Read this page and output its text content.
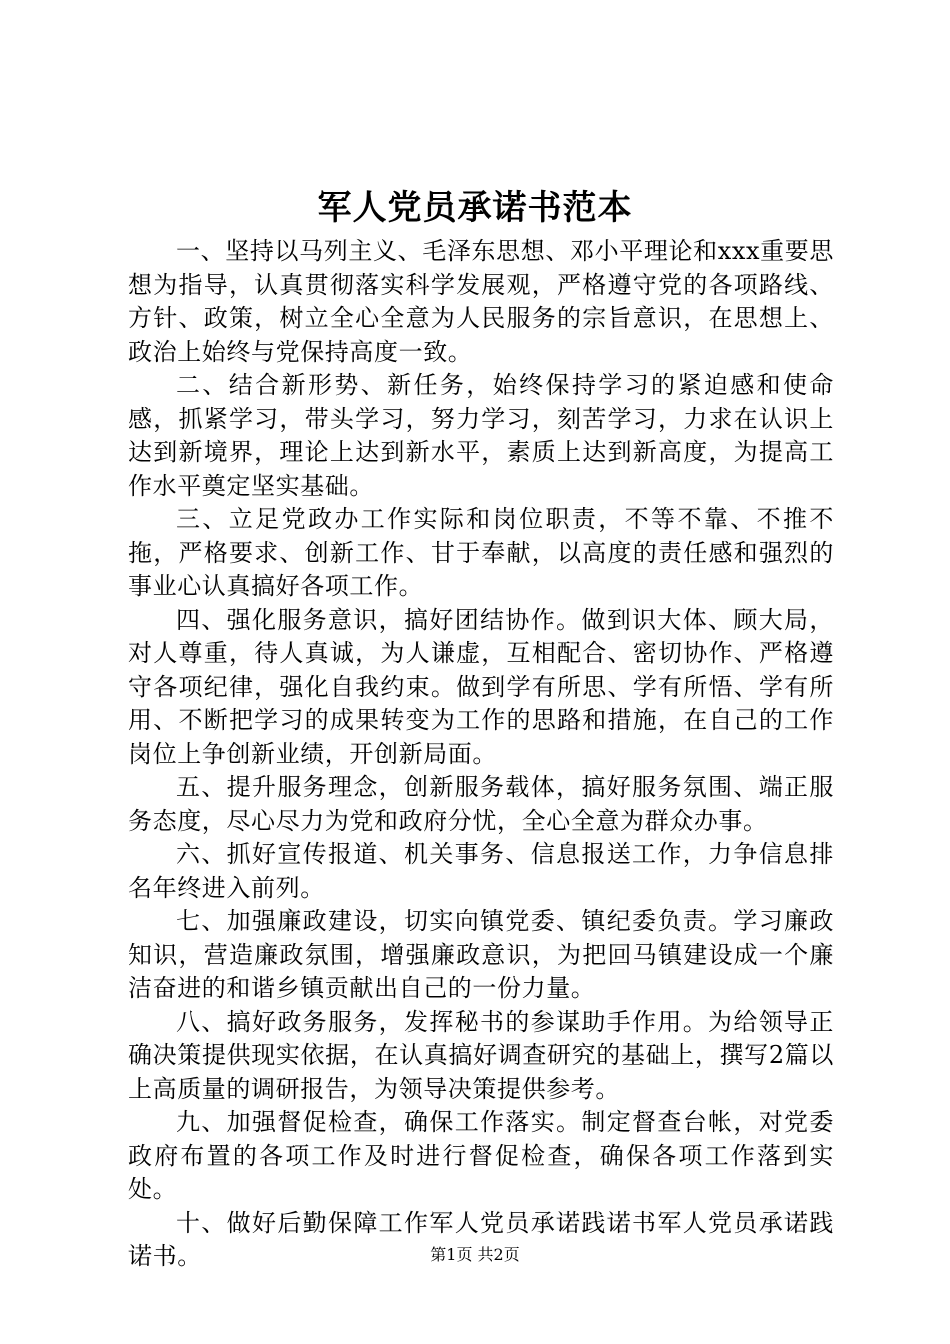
军人党员承诺书范本

一、坚持以马列主义、毛泽东思想、邓小平理论和xxx重要思想为指导，认真贯彻落实科学发展观，严格遵守党的各项路线、方针、政策，树立全心全意为人民服务的宗旨意识，在思想上、政治上始终与党保持高度一致。

二、结合新形势、新任务，始终保持学习的紧迫感和使命感，抓紧学习，带头学习，努力学习，刻苦学习，力求在认识上达到新境界，理论上达到新水平，素质上达到新高度，为提高工作水平奠定坚实基础。

三、立足党政办工作实际和岗位职责，不等不靠、不推不拖，严格要求、创新工作、甘于奉献，以高度的责任感和强烈的事业心认真搞好各项工作。

四、强化服务意识，搞好团结协作。做到识大体、顾大局，对人尊重，待人真诚，为人谦虚，互相配合、密切协作、严格遵守各项纪律，强化自我约束。做到学有所思、学有所悟、学有所用、不断把学习的成果转变为工作的思路和措施，在自己的工作岗位上争创新业绩，开创新局面。

五、提升服务理念，创新服务载体，搞好服务氛围、端正服务态度，尽心尽力为党和政府分忧，全心全意为群众办事。

六、抓好宣传报道、机关事务、信息报送工作，力争信息排名年终进入前列。

七、加强廉政建设，切实向镇党委、镇纪委负责。学习廉政知识，营造廉政氛围，增强廉政意识，为把回马镇建设成一个廉洁奋进的和谐乡镇贡献出自己的一份力量。

八、搞好政务服务，发挥秘书的参谋助手作用。为给领导正确决策提供现实依据，在认真搞好调查研究的基础上，撰写2篇以上高质量的调研报告，为领导决策提供参考。

九、加强督促检查，确保工作落实。制定督查台帐，对党委政府布置的各项工作及时进行督促检查，确保各项工作落到实处。

十、做好后勤保障工作军人党员承诺践诺书军人党员承诺践诺书。	第1页 共2页
